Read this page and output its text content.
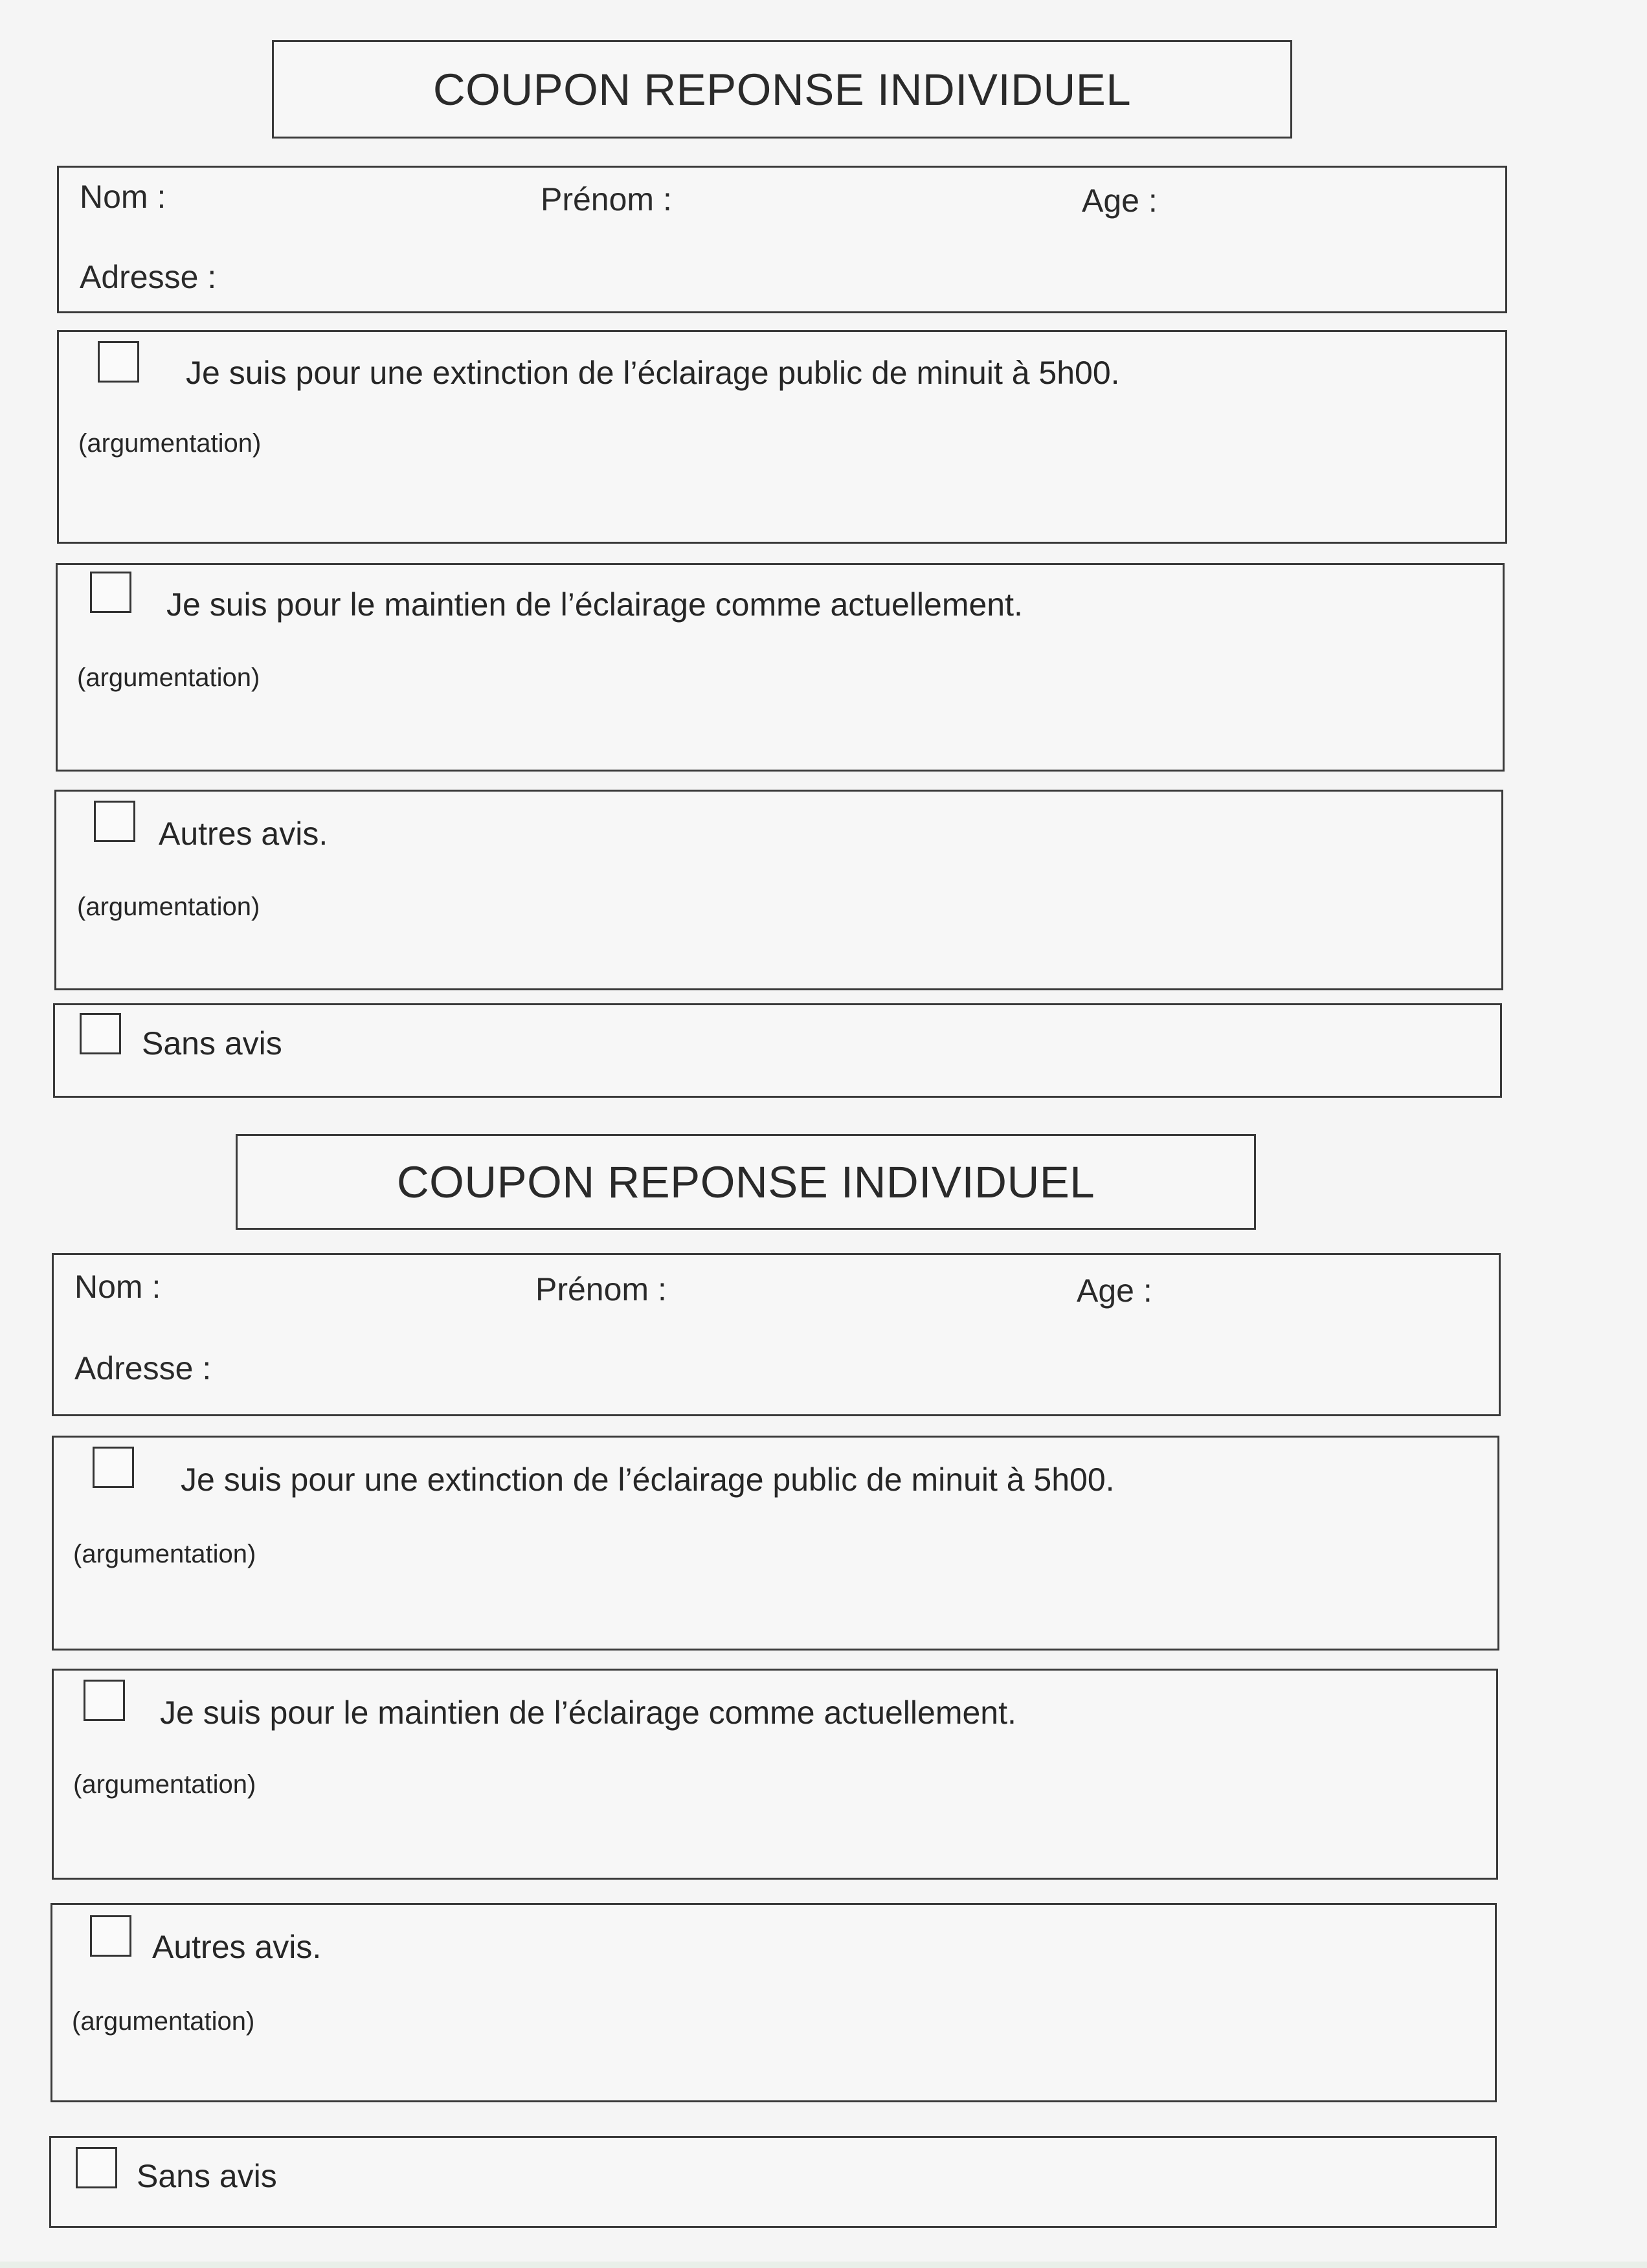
COUPON REPONSE INDIVIDUEL
Nom :	Prénom :	Age :
Adresse :
Je suis pour une extinction de l’éclairage public de minuit à 5h00.
(argumentation)
Je suis pour le maintien de l’éclairage comme actuellement.
(argumentation)
Autres avis.
(argumentation)
Sans avis
COUPON REPONSE INDIVIDUEL
Nom :	Prénom :	Age :
Adresse :
Je suis pour une extinction de l’éclairage public de minuit à 5h00.
(argumentation)
Je suis pour le maintien de l’éclairage comme actuellement.
(argumentation)
Autres avis.
(argumentation)
Sans avis
